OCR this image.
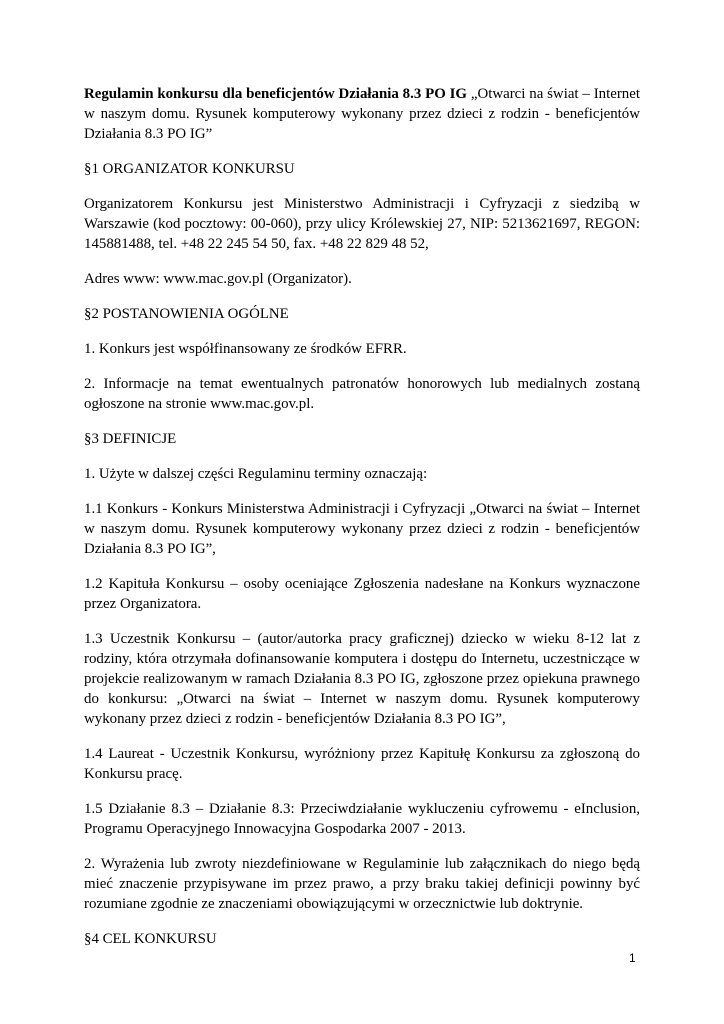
Regulamin konkursu dla beneficjentów Działania 8.3 PO IG „Otwarci na świat – Internet w naszym domu. Rysunek komputerowy wykonany przez dzieci z rodzin - beneficjentów Działania 8.3 PO IG”

§1 ORGANIZATOR KONKURSU

Organizatorem Konkursu jest Ministerstwo Administracji i Cyfryzacji z siedzibą w Warszawie (kod pocztowy: 00-060), przy ulicy Królewskiej 27, NIP: 5213621697, REGON: 145881488, tel. +48 22 245 54 50, fax. +48 22 829 48 52,

Adres www: www.mac.gov.pl (Organizator).

§2 POSTANOWIENIA OGÓLNE

1. Konkurs jest współfinansowany ze środków EFRR.

2. Informacje na temat ewentualnych patronatów honorowych lub medialnych zostaną ogłoszone na stronie www.mac.gov.pl.

§3 DEFINICJE

1. Użyte w dalszej części Regulaminu terminy oznaczają:

1.1 Konkurs - Konkurs Ministerstwa Administracji i Cyfryzacji „Otwarci na świat – Internet w naszym domu. Rysunek komputerowy wykonany przez dzieci z rodzin - beneficjentów Działania 8.3 PO IG”,

1.2 Kapituła Konkursu – osoby oceniające Zgłoszenia nadesłane na Konkurs wyznaczone przez Organizatora.

1.3 Uczestnik Konkursu – (autor/autorka pracy graficznej) dziecko w wieku 8-12 lat z rodziny, która otrzymała dofinansowanie komputera i dostępu do Internetu, uczestniczące w projekcie realizowanym w ramach Działania 8.3 PO IG, zgłoszone przez opiekuna prawnego do konkursu: „Otwarci na świat – Internet w naszym domu. Rysunek komputerowy wykonany przez dzieci z rodzin - beneficjentów Działania 8.3 PO IG”,

1.4 Laureat - Uczestnik Konkursu, wyróżniony przez Kapitułę Konkursu za zgłoszoną do Konkursu pracę.

1.5 Działanie 8.3 – Działanie 8.3: Przeciwdziałanie wykluczeniu cyfrowemu - eInclusion, Programu Operacyjnego Innowacyjna Gospodarka 2007 - 2013.

2. Wyrażenia lub zwroty niezdefiniowane w Regulaminie lub załącznikach do niego będą mieć znaczenie przypisywane im przez prawo, a przy braku takiej definicji powinny być rozumiane zgodnie ze znaczeniami obowiązującymi w orzecznictwie lub doktrynie.

§4 CEL KONKURSU

1
